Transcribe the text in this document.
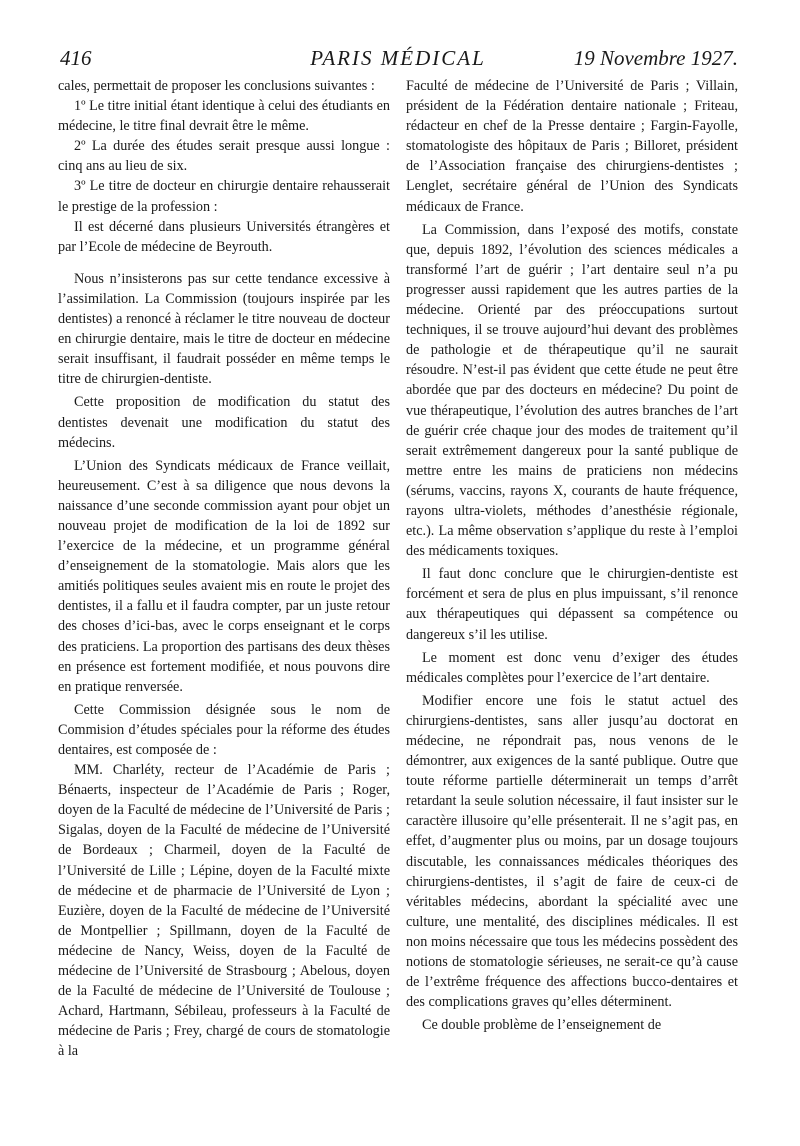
416	PARIS MÉDICAL	19 Novembre 1927.

cales, permettait de proposer les conclusions suivantes :

1º Le titre initial étant identique à celui des étudiants en médecine, le titre final devrait être le même.

2º La durée des études serait presque aussi longue : cinq ans au lieu de six.

3º Le titre de docteur en chirurgie dentaire rehausserait le prestige de la profession :

Il est décerné dans plusieurs Universités étrangères et par l’Ecole de médecine de Beyrouth.

Nous n’insisterons pas sur cette tendance excessive à l’assimilation. La Commission (toujours inspirée par les dentistes) a renoncé à réclamer le titre nouveau de docteur en chirurgie dentaire, mais le titre de docteur en médecine serait insuffisant, il faudrait posséder en même temps le titre de chirurgien-dentiste.

Cette proposition de modification du statut des dentistes devenait une modification du statut des médecins.

L’Union des Syndicats médicaux de France veillait, heureusement. C’est à sa diligence que nous devons la naissance d’une seconde commission ayant pour objet un nouveau projet de modification de la loi de 1892 sur l’exercice de la médecine, et un programme général d’enseignement de la stomatologie. Mais alors que les amitiés politiques seules avaient mis en route le projet des dentistes, il a fallu et il faudra compter, par un juste retour des choses d’ici-bas, avec le corps enseignant et le corps des praticiens. La proportion des partisans des deux thèses en présence est fortement modifiée, et nous pouvons dire en pratique renversée.

Cette Commission désignée sous le nom de Commision d’études spéciales pour la réforme des études dentaires, est composée de :

MM. Charléty, recteur de l’Académie de Paris ; Bénaerts, inspecteur de l’Académie de Paris ; Roger, doyen de la Faculté de médecine de l’Université de Paris ; Sigalas, doyen de la Faculté de médecine de l’Université de Bordeaux ; Charmeil, doyen de la Faculté de l’Université de Lille ; Lépine, doyen de la Faculté mixte de médecine et de pharmacie de l’Université de Lyon ; Euzière, doyen de la Faculté de médecine de l’Université de Montpellier ; Spillmann, doyen de la Faculté de médecine de Nancy, Weiss, doyen de la Faculté de médecine de l’Université de Strasbourg ; Abelous, doyen de la Faculté de médecine de l’Université de Toulouse ; Achard, Hartmann, Sébileau, professeurs à la Faculté de médecine de Paris ; Frey, chargé de cours de stomatologie à la

Faculté de médecine de l’Université de Paris ; Villain, président de la Fédération dentaire nationale ; Friteau, rédacteur en chef de la Presse dentaire ; Fargin-Fayolle, stomatologiste des hôpitaux de Paris ; Billoret, président de l’Association française des chirurgiens-dentistes ; Lenglet, secrétaire général de l’Union des Syndicats médicaux de France.

La Commission, dans l’exposé des motifs, constate que, depuis 1892, l’évolution des sciences médicales a transformé l’art de guérir ; l’art dentaire seul n’a pu progresser aussi rapidement que les autres parties de la médecine. Orienté par des préoccupations surtout techniques, il se trouve aujourd’hui devant des problèmes de pathologie et de thérapeutique qu’il ne saurait résoudre. N’est-il pas évident que cette étude ne peut être abordée que par des docteurs en médecine? Du point de vue thérapeutique, l’évolution des autres branches de l’art de guérir crée chaque jour des modes de traitement qu’il serait extrêmement dangereux pour la santé publique de mettre entre les mains de praticiens non médecins (sérums, vaccins, rayons X, courants de haute fréquence, rayons ultra-violets, méthodes d’anesthésie régionale, etc.). La même observation s’applique du reste à l’emploi des médicaments toxiques.

Il faut donc conclure que le chirurgien-dentiste est forcément et sera de plus en plus impuissant, s’il renonce aux thérapeutiques qui dépassent sa compétence ou dangereux s’il les utilise.

Le moment est donc venu d’exiger des études médicales complètes pour l’exercice de l’art dentaire.

Modifier encore une fois le statut actuel des chirurgiens-dentistes, sans aller jusqu’au doctorat en médecine, ne répondrait pas, nous venons de le démontrer, aux exigences de la santé publique. Outre que toute réforme partielle déterminerait un temps d’arrêt retardant la seule solution nécessaire, il faut insister sur le caractère illusoire qu’elle présenterait. Il ne s’agit pas, en effet, d’augmenter plus ou moins, par un dosage toujours discutable, les connaissances médicales théoriques des chirurgiens-dentistes, il s’agit de faire de ceux-ci de véritables médecins, abordant la spécialité avec une culture, une mentalité, des disciplines médicales. Il est non moins nécessaire que tous les médecins possèdent des notions de stomatologie sérieuses, ne serait-ce qu’à cause de l’extrême fréquence des affections bucco-dentaires et des complications graves qu’elles déterminent.

Ce double problème de l’enseignement de
